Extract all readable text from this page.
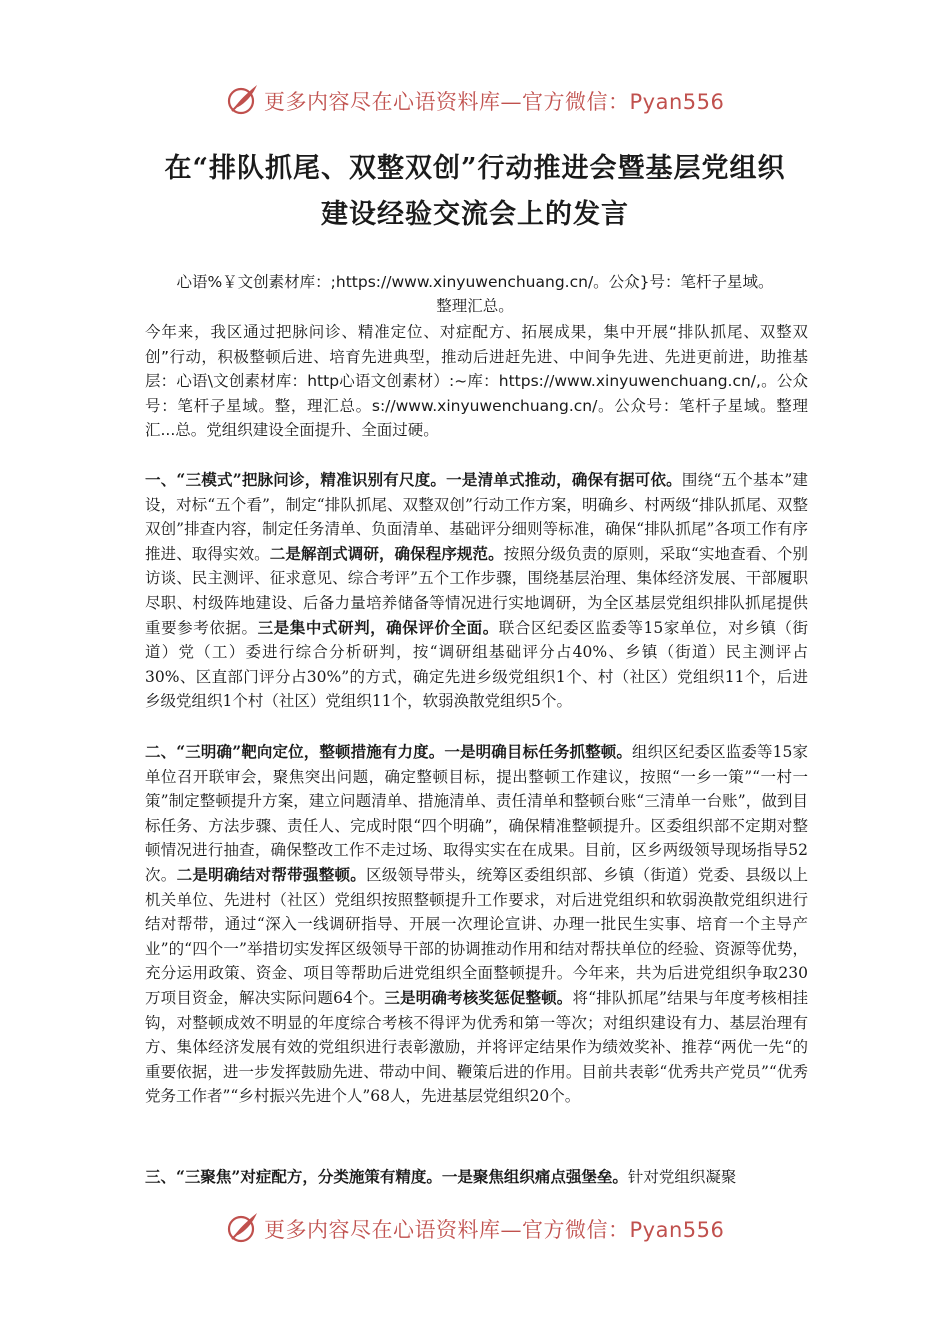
更多内容尽在心语资料库—官方微信：Pyan556
在“排队抓尾、双整双创”行动推进会暨基层党组织
建设经验交流会上的发言
心语%￥文创素材库：;https://www.xinyuwenchuang.cn/。公众}号：笔杆子星域。
整理汇总。
今年来，我区通过把脉问诊、精准定位、对症配方、拓展成果，集中开展“排队抓尾、双整双创”行动，积极整顿后进、培育先进典型，推动后进赶先进、中间争先进、先进更前进，助推基层：心语\文创素材库：http心语文创素材）:~库：https://www.xinyuwenchuang.cn/,。公众号：笔杆子星域。整，理汇总。s://www.xinyuwenchuang.cn/。公众号：笔杆子星域。整理汇...总。党组织建设全面提升、全面过硬。
一、“三模式”把脉问诊，精准识别有尺度。一是清单式推动，确保有据可依。围绕“五个基本”建设，对标“五个看”，制定“排队抓尾、双整双创”行动工作方案，明确乡、村两级“排队抓尾、双整双创”排查内容，制定任务清单、负面清单、基础评分细则等标准，确保“排队抓尾”各项工作有序推进、取得实效。二是解剖式调研，确保程序规范。按照分级负责的原则，采取“实地查看、个别访谈、民主测评、征求意见、综合考评”五个工作步骤，围绕基层治理、集体经济发展、干部履职尽职、村级阵地建设、后备力量培养储备等情况进行实地调研，为全区基层党组织排队抓尾提供重要参考依据。三是集中式研判，确保评价全面。联合区纪委区监委等15家单位，对乡镇（街道）党（工）委进行综合分析研判，按“调研组基础评分占40%、乡镇（街道）民主测评占30%、区直部门评分占30%”的方式，确定先进乡级党组织1个、村（社区）党组织11个，后进乡级党组织1个村（社区）党组织11个，软弱涣散党组织5个。
二、“三明确”靶向定位，整顿措施有力度。一是明确目标任务抓整顿。组织区纪委区监委等15家单位召开联审会，聚焦突出问题，确定整顿目标，提出整顿工作建议，按照“一乡一策”“一村一策”制定整顿提升方案，建立问题清单、措施清单、责任清单和整顿台账“三清单一台账”，做到目标任务、方法步骤、责任人、完成时限“四个明确”，确保精准整顿提升。区委组织部不定期对整顿情况进行抽查，确保整改工作不走过场、取得实实在在成果。目前，区乡两级领导现场指导52次。二是明确结对帮带强整顿。区级领导带头，统筹区委组织部、乡镇（街道）党委、县级以上机关单位、先进村（社区）党组织按照整顿提升工作要求，对后进党组织和软弱涣散党组织进行结对帮带，通过“深入一线调研指导、开展一次理论宣讲、办理一批民生实事、培育一个主导产业”的“四个一”举措切实发挥区级领导干部的协调推动作用和结对帮扶单位的经验、资源等优势，充分运用政策、资金、项目等帮助后进党组织全面整顿提升。今年来，共为后进党组织争取230万项目资金，解决实际问题64个。三是明确考核奖惩促整顿。将“排队抓尾”结果与年度考核相挂钩，对整顿成效不明显的年度综合考核不得评为优秀和第一等次；对组织建设有力、基层治理有方、集体经济发展有效的党组织进行表彰激励，并将评定结果作为绩效奖补、推荐“两优一先“的重要依据，进一步发挥鼓励先进、带动中间、鞭策后进的作用。目前共表彰“优秀共产党员”“优秀党务工作者”“乡村振兴先进个人”68人，先进基层党组织20个。
三、“三聚焦”对症配方，分类施策有精度。一是聚焦组织痛点强堡垒。针对党组织凝聚
更多内容尽在心语资料库—官方微信：Pyan556
